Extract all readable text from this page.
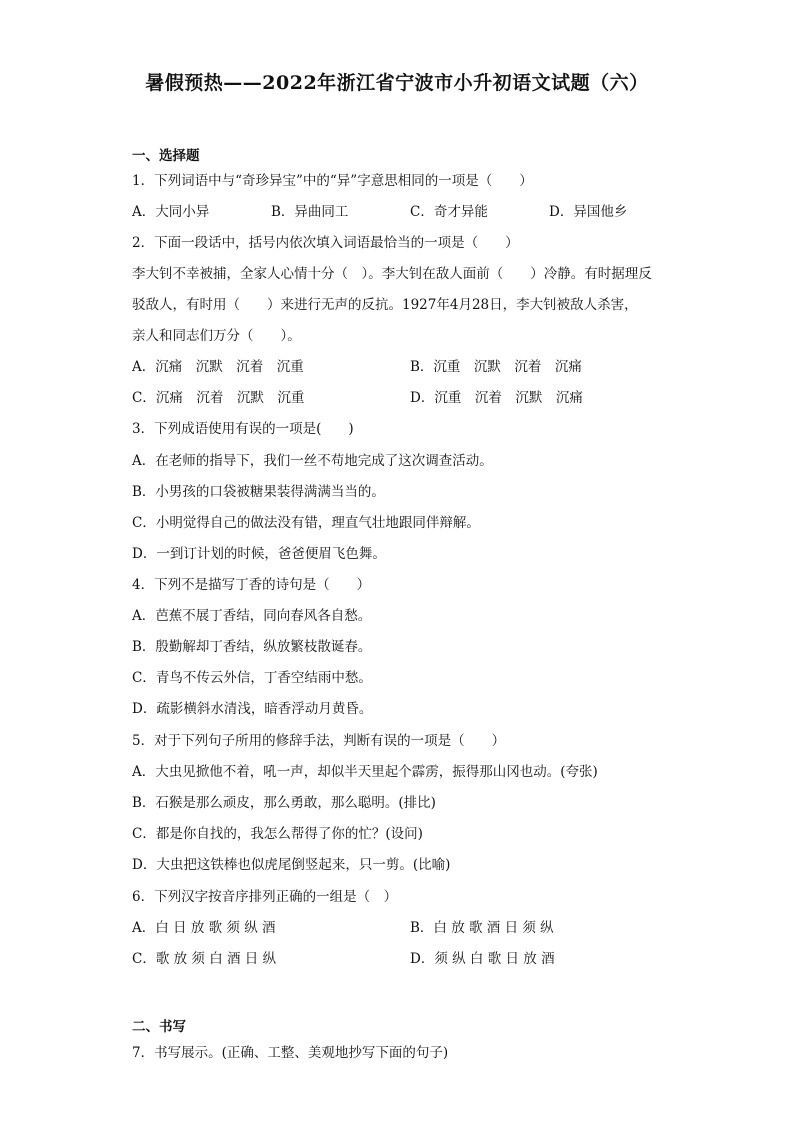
暑假预热——2022年浙江省宁波市小升初语文试题（六）
一、选择题
1．下列词语中与“奇珍异宝”中的“异”字意思相同的一项是（　　）
A．大同小异	B．异曲同工	C．奇才异能	D．异国他乡
2．下面一段话中，括号内依次填入词语最恰当的一项是（　　）
李大钊不幸被捕，全家人心情十分（　）。李大钊在敌人面前（　　）冷静。有时据理反
驳敌人，有时用（　　）来进行无声的反抗。1927年4月28日，李大钊被敌人杀害，
亲人和同志们万分（　　）。
A．沉痛　沉默　沉着　沉重	B．沉重　沉默　沉着　沉痛
C．沉痛　沉着　沉默　沉重	D．沉重　沉着　沉默　沉痛
3．下列成语使用有误的一项是(　　)
A．在老师的指导下，我们一丝不苟地完成了这次调查活动。
B．小男孩的口袋被糖果装得满满当当的。
C．小明觉得自己的做法没有错，理直气壮地跟同伴辩解。
D．一到订计划的时候，爸爸便眉飞色舞。
4．下列不是描写丁香的诗句是（　　）
A．芭蕉不展丁香结，同向春风各自愁。
B．殷勤解却丁香结，纵放繁枝散诞春。
C．青鸟不传云外信，丁香空结雨中愁。
D．疏影横斜水清浅，暗香浮动月黄昏。
5．对于下列句子所用的修辞手法，判断有误的一项是（　　）
A．大虫见掀他不着，吼一声，却似半天里起个霹雳，振得那山冈也动。(夸张)
B．石猴是那么顽皮，那么勇敢，那么聪明。(排比)
C．都是你自找的，我怎么帮得了你的忙？(设问)
D．大虫把这铁棒也似虎尾倒竖起来，只一剪。(比喻)
6．下列汉字按音序排列正确的一组是（　）
A．白 日 放 歌 须 纵 酒	B．白 放 歌 酒 日 须 纵
C．歌 放 须 白 酒 日 纵	D．须 纵 白 歌 日 放 酒
二、书写
7．书写展示。(正确、工整、美观地抄写下面的句子)
